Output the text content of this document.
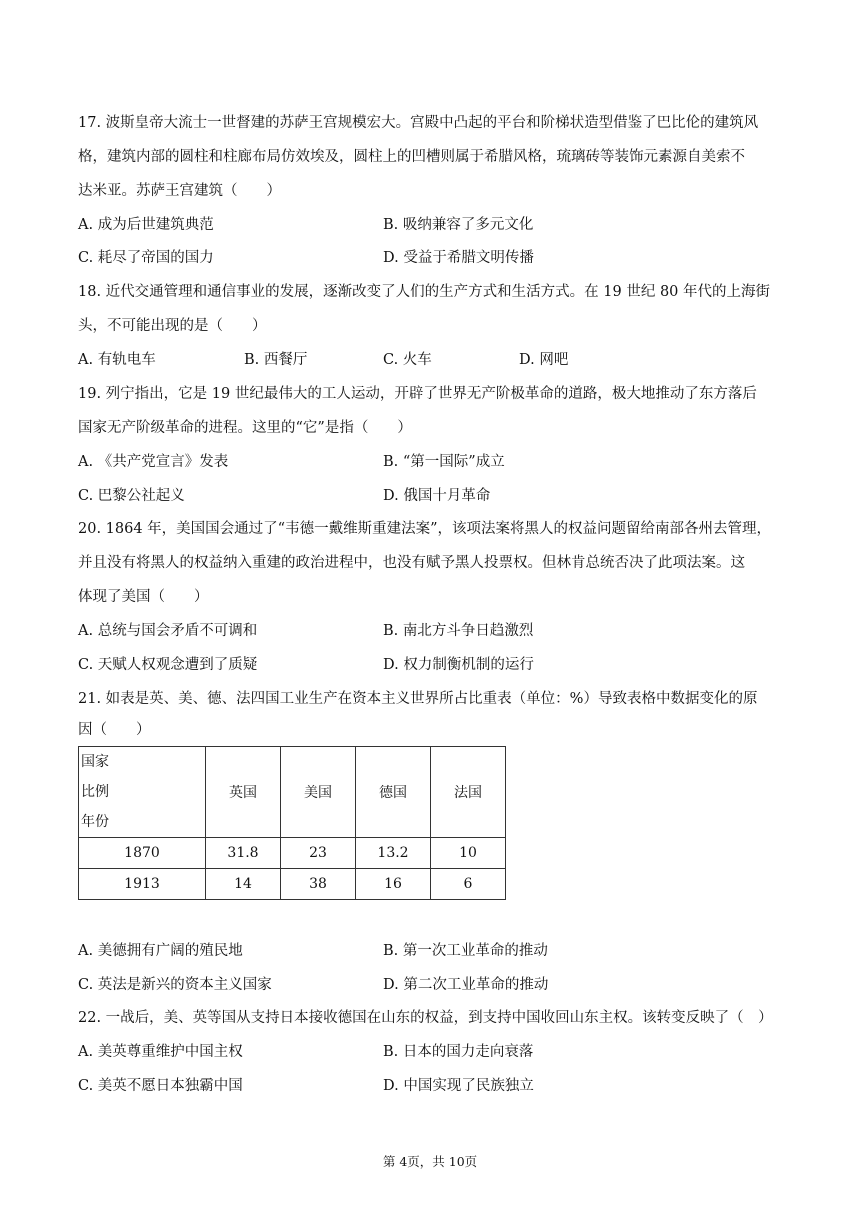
17. 波斯皇帝大流士一世督建的苏萨王宫规模宏大。宫殿中凸起的平台和阶梯状造型借鉴了巴比伦的建筑风
格，建筑内部的圆柱和柱廊布局仿效埃及，圆柱上的凹槽则属于希腊风格，琉璃砖等装饰元素源自美索不
达米亚。苏萨王宫建筑（　　）
A. 成为后世建筑典范	B. 吸纳兼容了多元文化
C. 耗尽了帝国的国力	D. 受益于希腊文明传播
18. 近代交通管理和通信事业的发展，逐渐改变了人们的生产方式和生活方式。在 19 世纪 80 年代的上海街
头，不可能出现的是（　　）
A. 有轨电车	B. 西餐厅	C. 火车	D. 网吧
19. 列宁指出，它是 19 世纪最伟大的工人运动，开辟了世界无产阶极革命的道路，极大地推动了东方落后
国家无产阶级革命的进程。这里的“它”是指（　　）
A. 《共产党宣言》发表	B. “第一国际”成立
C. 巴黎公社起义	D. 俄国十月革命
20. 1864 年，美国国会通过了“韦德一戴维斯重建法案”，该项法案将黑人的权益问题留给南部各州去管理，
并且没有将黑人的权益纳入重建的政治进程中，也没有赋予黑人投票权。但林肯总统否决了此项法案。这
体现了美国（　　）
A. 总统与国会矛盾不可调和	B. 南北方斗争日趋激烈
C. 天赋人权观念遭到了质疑	D. 权力制衡机制的运行
21. 如表是英、美、德、法四国工业生产在资本主义世界所占比重表（单位：%）导致表格中数据变化的原
因（　　）
国家
比例
年份	英国	美国	德国	法国
1870	31.8	23	13.2	10
1913	14	38	16	6
A. 美德拥有广阔的殖民地	B. 第一次工业革命的推动
C. 英法是新兴的资本主义国家	D. 第二次工业革命的推动
22. 一战后，美、英等国从支持日本接收德国在山东的权益，到支持中国收回山东主权。该转变反映了（　）
A. 美英尊重维护中国主权	B. 日本的国力走向衰落
C. 美英不愿日本独霸中国	D. 中国实现了民族独立
第 4页，共 10页
